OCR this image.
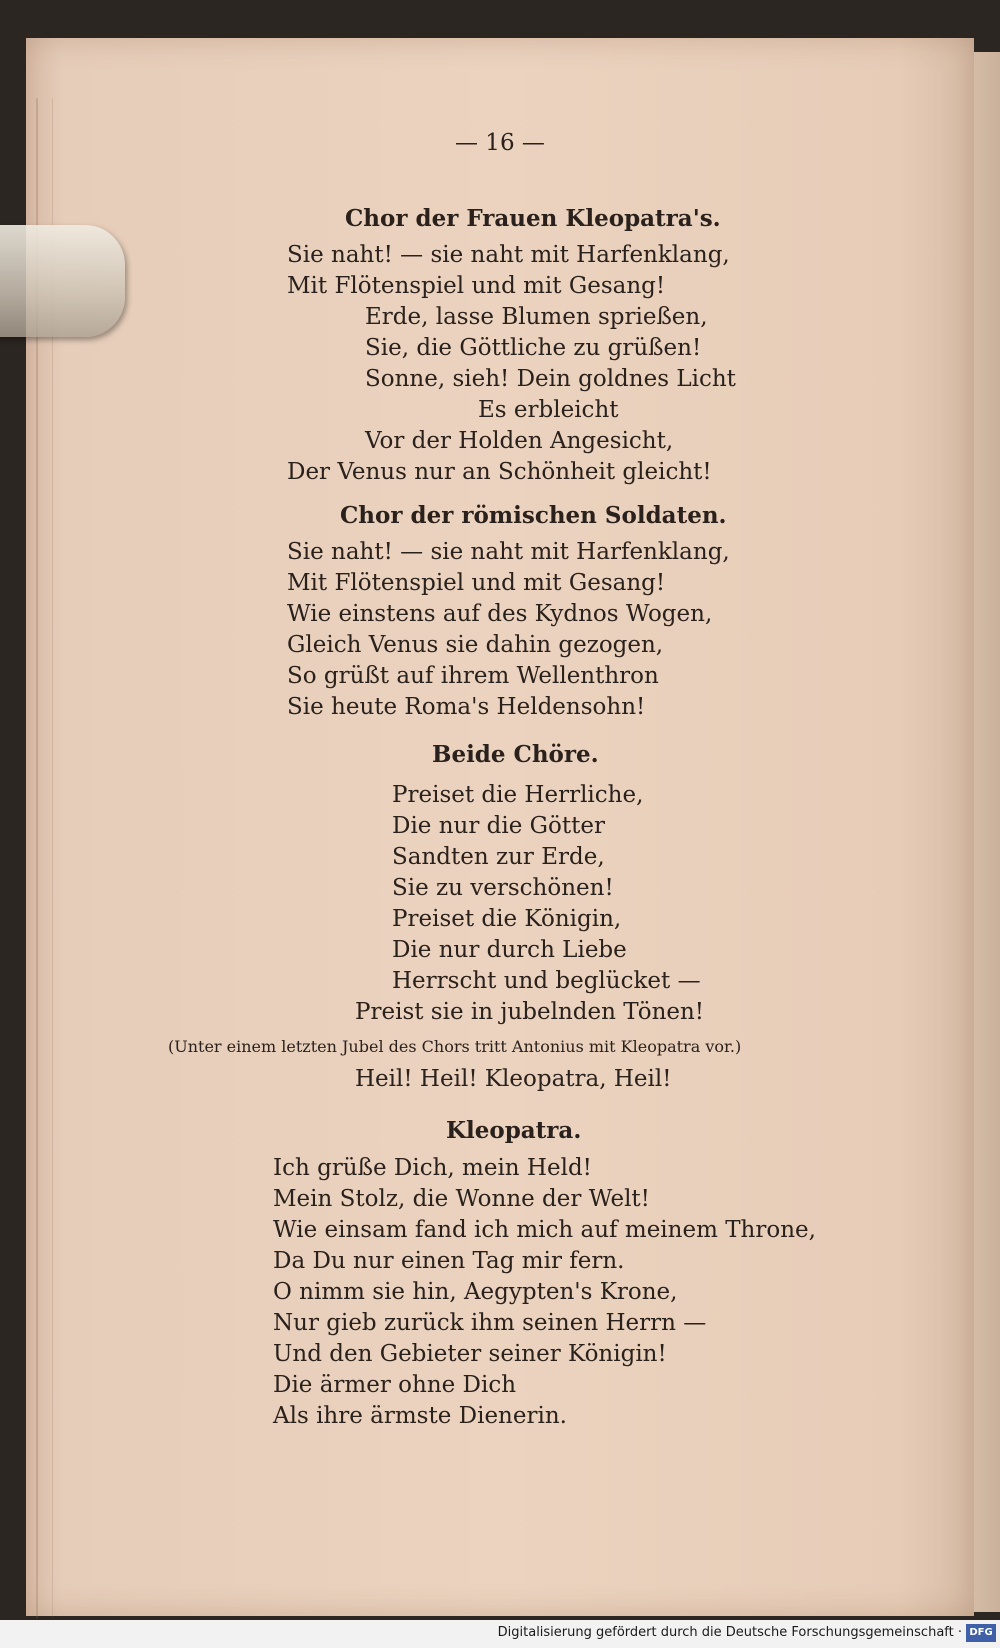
— 16 —
Chor der Frauen Kleopatra's.
Sie naht! — sie naht mit Harfenklang,
Mit Flötenspiel und mit Gesang!
Erde, lasse Blumen sprießen,
Sie, die Göttliche zu grüßen!
Sonne, sieh! Dein goldnes Licht
Es erbleicht
Vor der Holden Angesicht,
Der Venus nur an Schönheit gleicht!
Chor der römischen Soldaten.
Sie naht! — sie naht mit Harfenklang,
Mit Flötenspiel und mit Gesang!
Wie einstens auf des Kydnos Wogen,
Gleich Venus sie dahin gezogen,
So grüßt auf ihrem Wellenthron
Sie heute Roma's Heldensohn!
Beide Chöre.
Preiset die Herrliche,
Die nur die Götter
Sandten zur Erde,
Sie zu verschönen!
Preiset die Königin,
Die nur durch Liebe
Herrscht und beglücket —
Preist sie in jubelnden Tönen!
(Unter einem letzten Jubel des Chors tritt Antonius mit Kleopatra vor.)
Heil! Heil! Kleopatra, Heil!
Kleopatra.
Ich grüße Dich, mein Held!
Mein Stolz, die Wonne der Welt!
Wie einsam fand ich mich auf meinem Throne,
Da Du nur einen Tag mir fern.
O nimm sie hin, Aegypten's Krone,
Nur gieb zurück ihm seinen Herrn —
Und den Gebieter seiner Königin!
Die ärmer ohne Dich
Als ihre ärmste Dienerin.
Digitalisierung gefördert durch die Deutsche Forschungsgemeinschaft · DFG
